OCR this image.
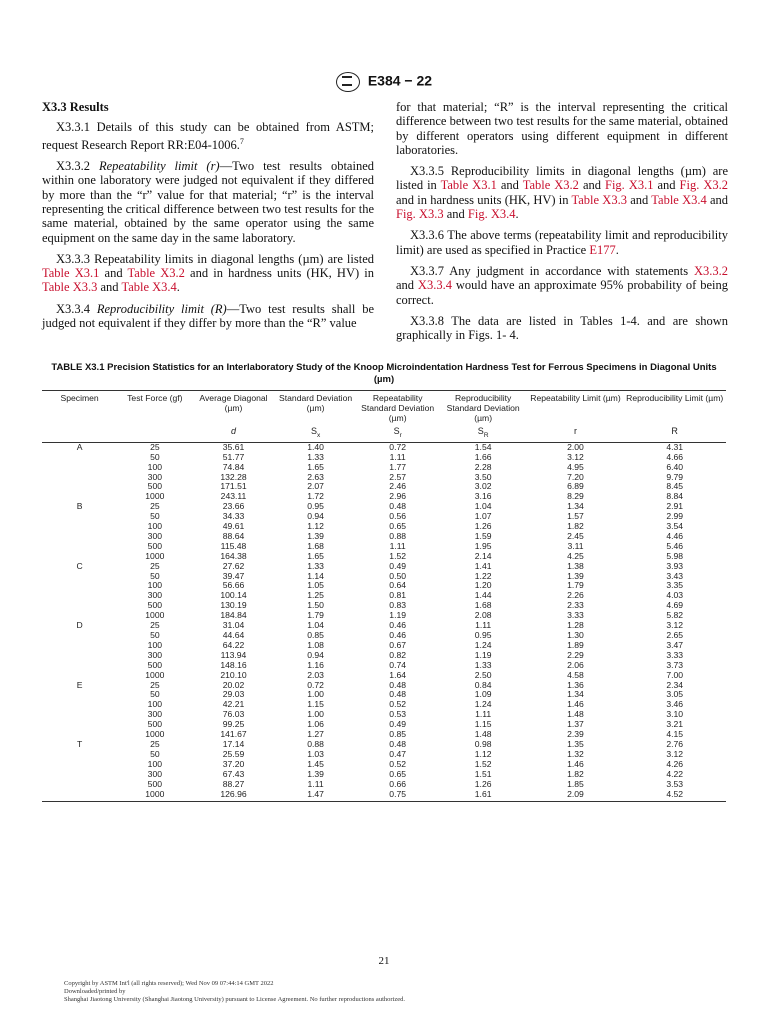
E384 − 22
X3.3 Results

X3.3.1 Details of this study can be obtained from ASTM; request Research Report RR:E04-1006.$^7$

X3.3.2 Repeatability limit (r)—Two test results obtained within one laboratory were judged not equivalent if they differed by more than the “r” value for that material; “r” is the interval representing the critical difference between two test results for the same material, obtained by the same operator using the same equipment on the same day in the same laboratory.

X3.3.3 Repeatability limits in diagonal lengths (µm) are listed Table X3.1 and Table X3.2 and in hardness units (HK, HV) in Table X3.3 and Table X3.4.

X3.3.4 Reproducibility limit (R)—Two test results shall be judged not equivalent if they differ by more than the “R” value

for that material; “R” is the interval representing the critical difference between two test results for the same material, obtained by different operators using different equipment in different laboratories.

X3.3.5 Reproducibility limits in diagonal lengths (µm) are listed in Table X3.1 and Table X3.2 and Fig. X3.1 and Fig. X3.2 and in hardness units (HK, HV) in Table X3.3 and Table X3.4 and Fig. X3.3 and Fig. X3.4.

X3.3.6 The above terms (repeatability limit and reproducibility limit) are used as specified in Practice E177.

X3.3.7 Any judgment in accordance with statements X3.3.2 and X3.3.4 would have an approximate 95% probability of being correct.

X3.3.8 The data are listed in Tables 1-4. and are shown graphically in Figs. 1- 4.

TABLE X3.1 Precision Statistics for an Interlaboratory Study of the Knoop Microindentation Hardness Test for Ferrous Specimens in Diagonal Units (µm)
Specimen	Test Force (gf)	Average Diagonal (µm)	Standard Deviation (µm)	Repeatability Standard Deviation (µm)	Reproducibility Standard Deviation (µm)	Repeatability Limit (µm)	Reproducibility Limit (µm)
		d	$S_x$	$S_r$	$S_R$	r	R
A	25	35.61	1.40	0.72	1.54	2.00	4.31
	50	51.77	1.33	1.11	1.66	3.12	4.66
	100	74.84	1.65	1.77	2.28	4.95	6.40
	300	132.28	2.63	2.57	3.50	7.20	9.79
	500	171.51	2.07	2.46	3.02	6.89	8.45
	1000	243.11	1.72	2.96	3.16	8.29	8.84
B	25	23.66	0.95	0.48	1.04	1.34	2.91
	50	34.33	0.94	0.56	1.07	1.57	2.99
	100	49.61	1.12	0.65	1.26	1.82	3.54
	300	88.64	1.39	0.88	1.59	2.45	4.46
	500	115.48	1.68	1.11	1.95	3.11	5.46
	1000	164.38	1.65	1.52	2.14	4.25	5.98
C	25	27.62	1.33	0.49	1.41	1.38	3.93
	50	39.47	1.14	0.50	1.22	1.39	3.43
	100	56.66	1.05	0.64	1.20	1.79	3.35
	300	100.14	1.25	0.81	1.44	2.26	4.03
	500	130.19	1.50	0.83	1.68	2.33	4.69
	1000	184.84	1.79	1.19	2.08	3.33	5.82
D	25	31.04	1.04	0.46	1.11	1.28	3.12
	50	44.64	0.85	0.46	0.95	1.30	2.65
	100	64.22	1.08	0.67	1.24	1.89	3.47
	300	113.94	0.94	0.82	1.19	2.29	3.33
	500	148.16	1.16	0.74	1.33	2.06	3.73
	1000	210.10	2.03	1.64	2.50	4.58	7.00
E	25	20.02	0.72	0.48	0.84	1.36	2.34
	50	29.03	1.00	0.48	1.09	1.34	3.05
	100	42.21	1.15	0.52	1.24	1.46	3.46
	300	76.03	1.00	0.53	1.11	1.48	3.10
	500	99.25	1.06	0.49	1.15	1.37	3.21
	1000	141.67	1.27	0.85	1.48	2.39	4.15
T	25	17.14	0.88	0.48	0.98	1.35	2.76
	50	25.59	1.03	0.47	1.12	1.32	3.12
	100	37.20	1.45	0.52	1.52	1.46	4.26
	300	67.43	1.39	0.65	1.51	1.82	4.22
	500	88.27	1.11	0.66	1.26	1.85	3.53
	1000	126.96	1.47	0.75	1.61	2.09	4.52
21
Copyright by ASTM Int'l (all rights reserved); Wed Nov 09 07:44:14 GMT 2022
Downloaded/printed by
Shanghai Jiaotong University (Shanghai Jiaotong University) pursuant to License Agreement. No further reproductions authorized.
